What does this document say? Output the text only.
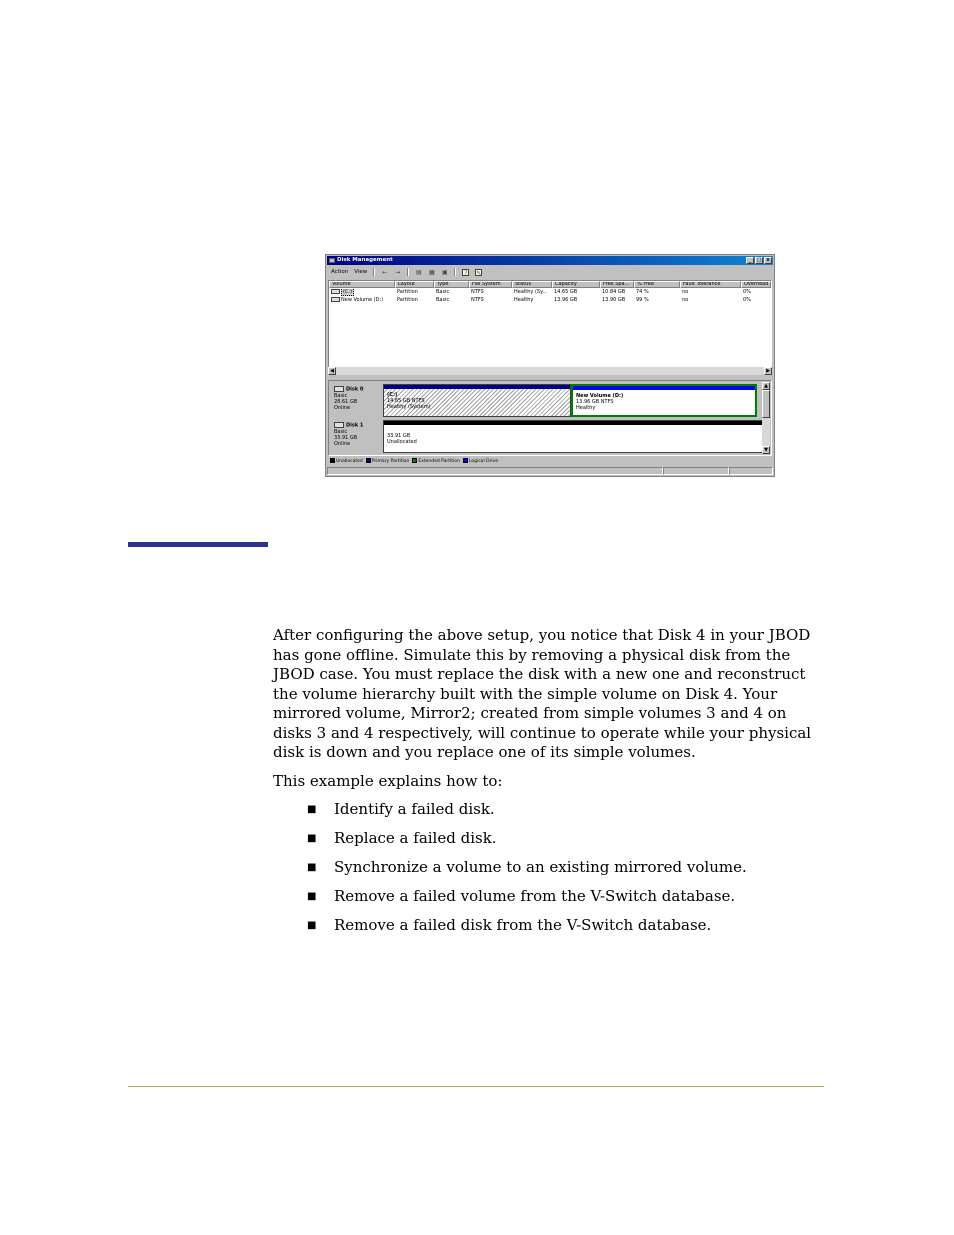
Disk Management	_	□	x
Action View ← →	▤ ▦ ▣	?	✎
Volume	Layout	Type	File System	Status	Capacity	Free Spa...	% Free	Fault Tolerance	Overhead
(C:)	Partition	Basic	NTFS	Healthy (Sy...	14.65 GB	10.84 GB	74 %	no	0%
New Volume (D:)	Partition	Basic	NTFS	Healthy	13.96 GB	13.90 GB	99 %	no	0%
◀	▶
Disk 0
Basic
28.61 GB
Online
(C:)
14.65 GB NTFS
Healthy (System)
New Volume (D:)
13.96 GB NTFS
Healthy
Disk 1
Basic
33.91 GB
Online
33.91 GB
Unallocated
▲
▼
Unallocated	Primary Partition	Extended Partition	Logical Drive

After configuring the above setup, you notice that Disk 4 in your JBOD has gone offline. Simulate this by removing a physical disk from the JBOD case. You must replace the disk with a new one and reconstruct the volume hierarchy built with the simple volume on Disk 4. Your mirrored volume, Mirror2; created from simple volumes 3 and 4 on disks 3 and 4 respectively, will continue to operate while your physical disk is down and you replace one of its simple volumes.

This example explains how to:

■ Identify a failed disk.
■ Replace a failed disk.
■ Synchronize a volume to an existing mirrored volume.
■ Remove a failed volume from the V-Switch database.
■ Remove a failed disk from the V-Switch database.
